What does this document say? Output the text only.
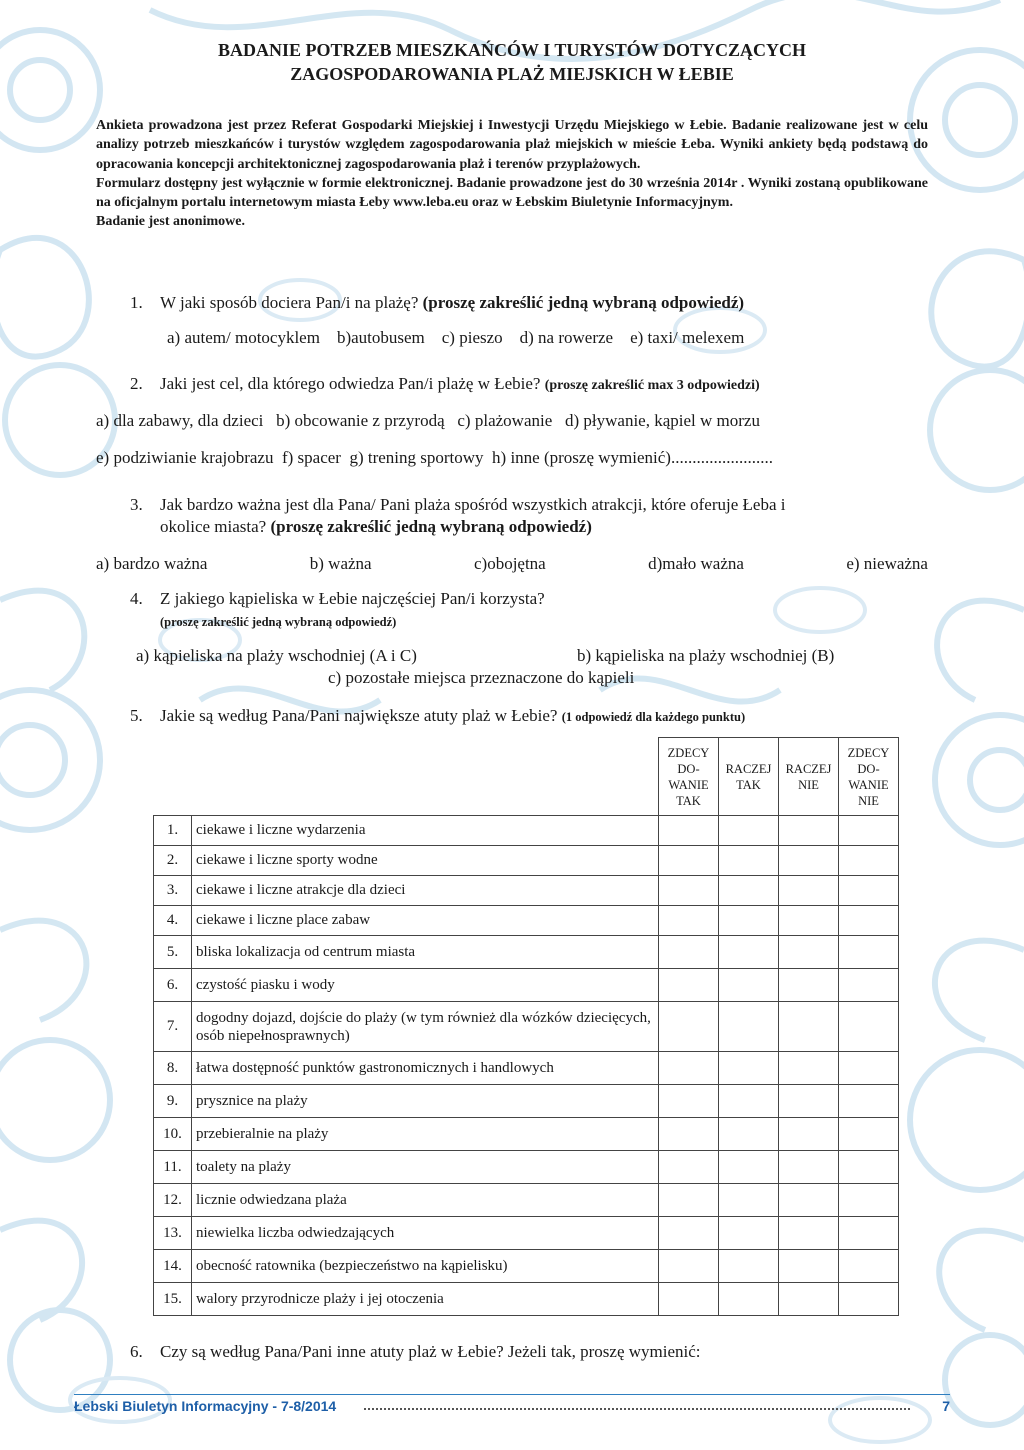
BADANIE POTRZEB MIESZKAŃCÓW I TURYSTÓW DOTYCZĄCYCH
ZAGOSPODAROWANIA PLAŻ MIEJSKICH W ŁEBIE

Ankieta prowadzona jest przez Referat Gospodarki Miejskiej i Inwestycji Urzędu Miejskiego w Łebie. Badanie realizowane jest w celu analizy potrzeb mieszkańców i turystów względem zagospodarowania plaż miejskich w mieście Łeba. Wyniki ankiety będą podstawą do opracowania koncepcji architektonicznej zagospodarowania plaż i terenów przyplażowych.

Formularz dostępny jest wyłącznie w formie elektronicznej. Badanie prowadzone jest do 30 września 2014r . Wyniki zostaną opublikowane na oficjalnym portalu internetowym miasta Łeby www.leba.eu oraz w Łebskim Biuletynie Informacyjnym.

Badanie jest anonimowe.

1. W jaki sposób dociera Pan/i na plażę? (proszę zakreślić jedną wybraną odpowiedź)
a) autem/ motocyklem    b)autobusem    c) pieszo    d) na rowerze    e) taxi/ melexem
2. Jaki jest cel, dla którego odwiedza Pan/i plażę w Łebie? (proszę zakreślić max 3 odpowiedzi)
a) dla zabawy, dla dzieci   b) obcowanie z przyrodą   c) plażowanie   d) pływanie, kąpiel w morzu
e) podziwianie krajobrazu  f) spacer  g) trening sportowy  h) inne (proszę wymienić)........................
3. Jak bardzo ważna jest dla Pana/ Pani plaża spośród wszystkich atrakcji, które oferuje Łeba i
okolice miasta? (proszę zakreślić jedną wybraną odpowiedź)
a) bardzo ważna	b) ważna	c)obojętna	d)mało ważna	e) nieważna
4. Z jakiego kąpieliska w Łebie najczęściej Pan/i korzysta?
(proszę zakreślić jedną wybraną odpowiedź)
a) kąpieliska na plaży wschodniej (A i C)	b) kąpieliska na plaży wschodniej (B)
c) pozostałe miejsca przeznaczone do kąpieli
5. Jakie są według Pana/Pani największe atuty plaż w Łebie? (1 odpowiedź dla każdego punktu)
		ZDECY DO- WANIE TAK	RACZEJ TAK	RACZEJ NIE	ZDECY DO- WANIE NIE
1.	ciekawe i liczne wydarzenia				
2.	ciekawe i liczne sporty wodne				
3.	ciekawe i liczne atrakcje dla dzieci				
4.	ciekawe i liczne place zabaw				
5.	bliska lokalizacja od centrum miasta				
6.	czystość piasku i wody				
7.	dogodny dojazd, dojście do plaży (w tym również dla wózków dziecięcych, osób niepełnosprawnych)				
8.	łatwa dostępność punktów gastronomicznych i handlowych				
9.	prysznice na plaży				
10.	przebieralnie na plaży				
11.	toalety na plaży				
12.	licznie odwiedzana plaża				
13.	niewielka liczba odwiedzających				
14.	obecność ratownika (bezpieczeństwo na kąpielisku)				
15.	walory przyrodnicze plaży i jej otoczenia				
6. Czy są według Pana/Pani inne atuty plaż w Łebie? Jeżeli tak, proszę wymienić:
Łebski Biuletyn Informacyjny - 7-8/2014	7
